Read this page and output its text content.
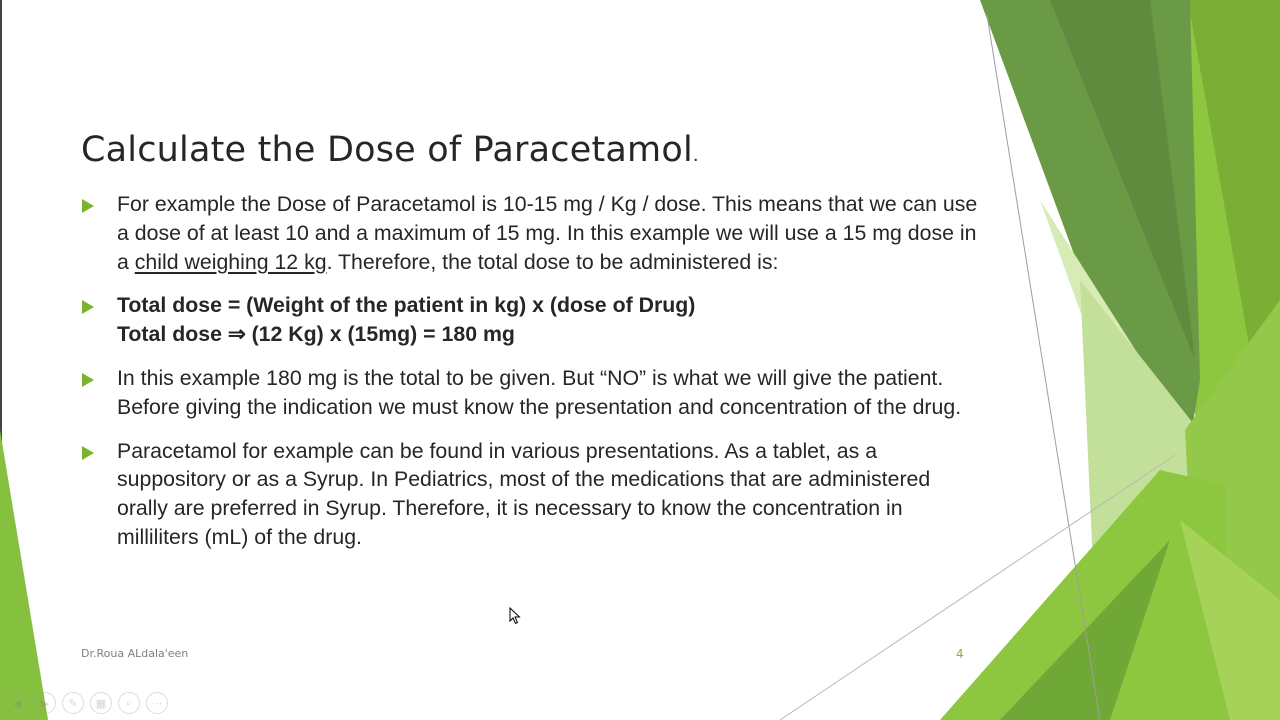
Calculate the Dose of Paracetamol.
For example the Dose of Paracetamol is 10-15 mg / Kg / dose. This means that we can use a dose of at least 10 and a maximum of 15 mg. In this example we will use a 15 mg dose in a child weighing 12 kg. Therefore, the total dose to be administered is:
Total dose = (Weight of the patient in kg) x (dose of Drug)
Total dose ⇒ (12 Kg) x (15mg) = 180 mg
In this example 180 mg is the total to be given. But “NO” is what we will give the patient. Before giving the indication we must know the presentation and concentration of the drug.
Paracetamol for example can be found in various presentations. As a tablet, as a suppository or as a Syrup. In Pediatrics, most of the medications that are administered orally are preferred in Syrup. Therefore, it is necessary to know the concentration in milliliters (mL) of the drug.
Dr.Roua ALdala'een	4
◀	▶	✎	▦	⌕	⋯
